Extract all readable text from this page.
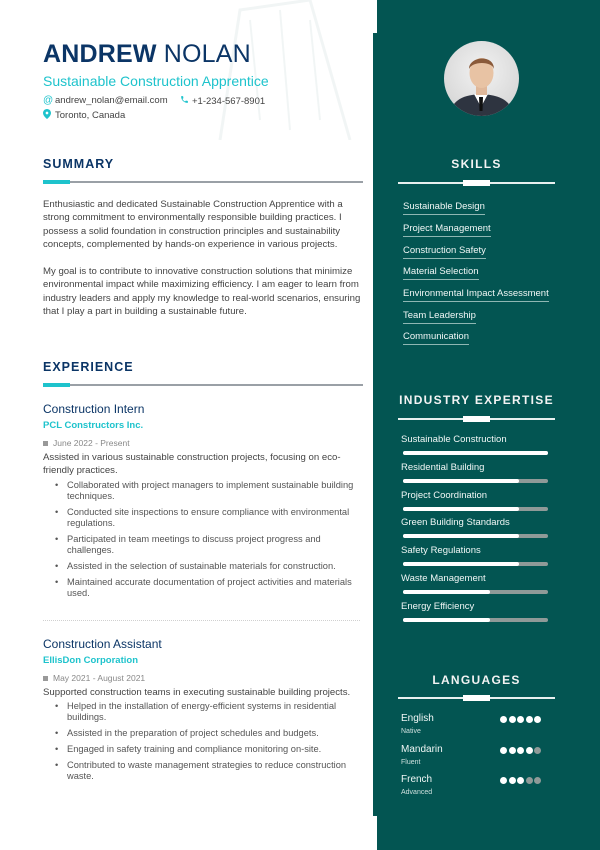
ANDREW NOLAN
Sustainable Construction Apprentice
@ andrew_nolan@email.com	+1-234-567-8901
Toronto, Canada
SUMMARY

Enthusiastic and dedicated Sustainable Construction Apprentice with a strong commitment to environmentally responsible building practices. I possess a solid foundation in construction principles and sustainability concepts, complemented by hands-on experience in various projects.

My goal is to contribute to innovative construction solutions that minimize environmental impact while maximizing efficiency. I am eager to learn from industry leaders and apply my knowledge to real-world scenarios, ensuring that I play a part in building a sustainable future.

EXPERIENCE
Construction Intern
PCL Constructors Inc.
June 2022 - Present

Assisted in various sustainable construction projects, focusing on eco-friendly practices.

• Collaborated with project managers to implement sustainable building techniques.
• Conducted site inspections to ensure compliance with environmental regulations.
• Participated in team meetings to discuss project progress and challenges.
• Assisted in the selection of sustainable materials for construction.
• Maintained accurate documentation of project activities and materials used.
Construction Assistant
EllisDon Corporation
May 2021 - August 2021

Supported construction teams in executing sustainable building projects.

• Helped in the installation of energy-efficient systems in residential buildings.
• Assisted in the preparation of project schedules and budgets.
• Engaged in safety training and compliance monitoring on-site.
• Contributed to waste management strategies to reduce construction waste.
SKILLS
Sustainable Design
Project Management
Construction Safety
Material Selection
Environmental Impact Assessment
Team Leadership
Communication
INDUSTRY EXPERTISE
Sustainable Construction
Residential Building
Project Coordination
Green Building Standards
Safety Regulations
Waste Management
Energy Efficiency
LANGUAGES
English
Native
Mandarin
Fluent
French
Advanced
